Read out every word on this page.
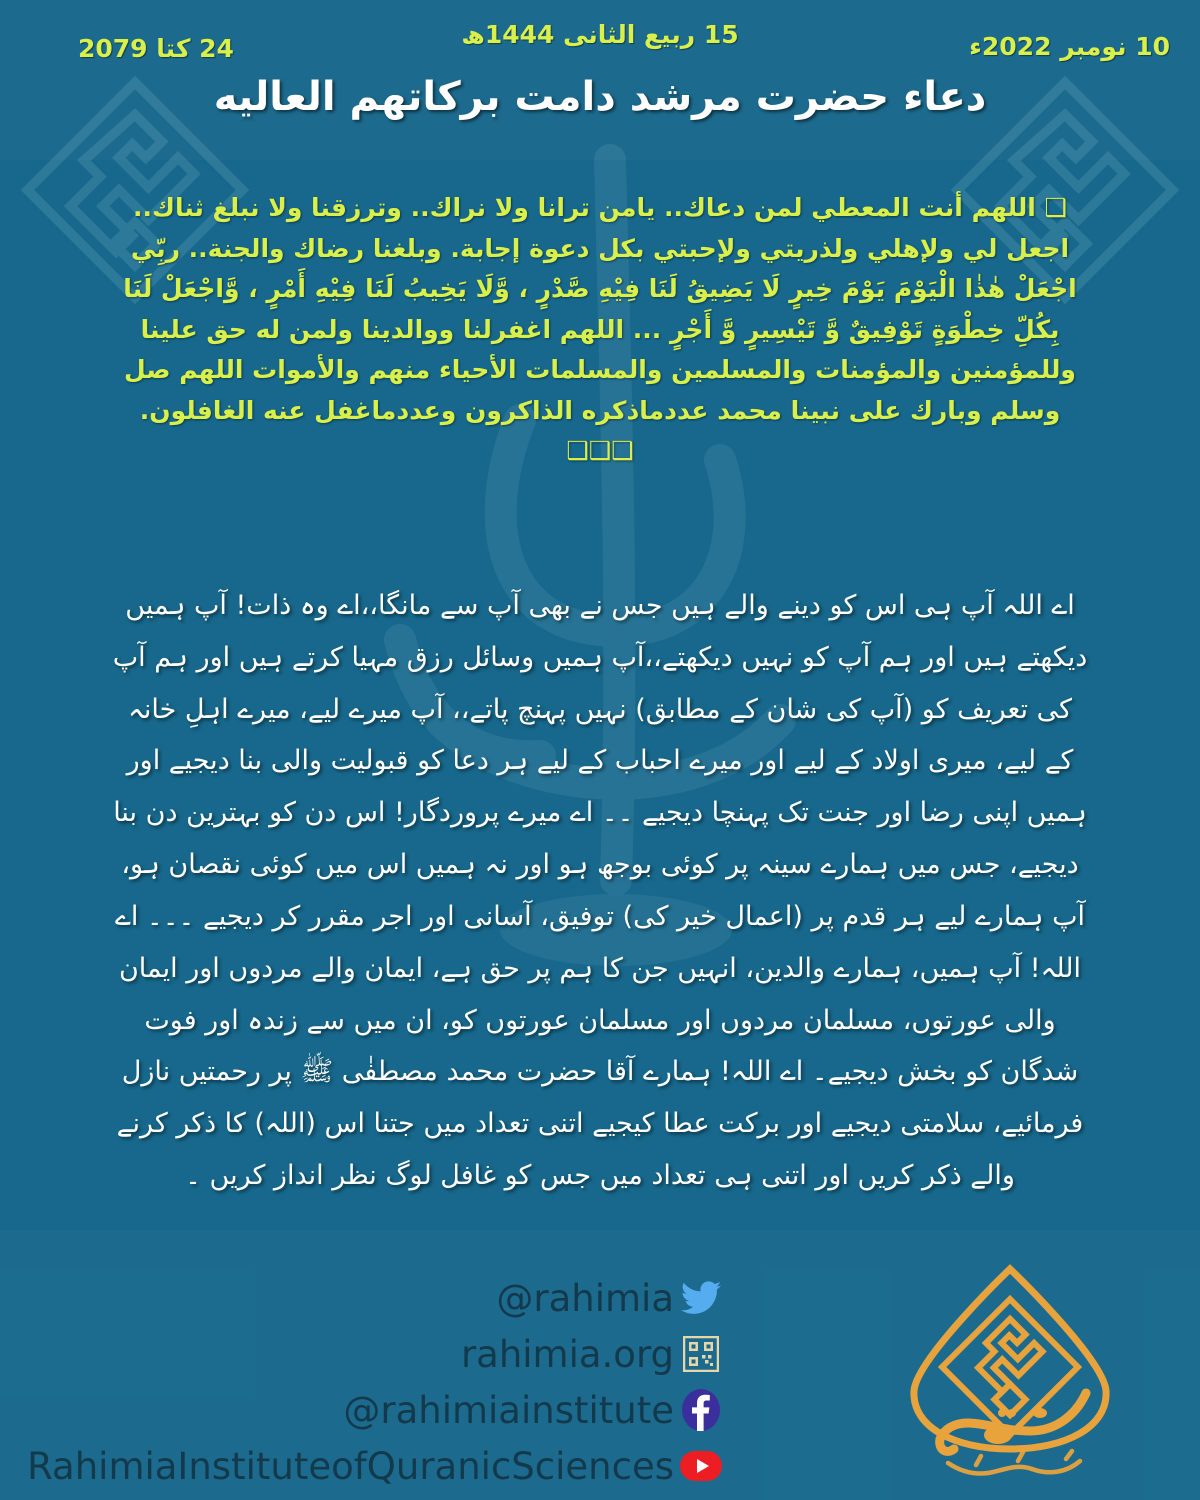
24 کتا 2079	15 ربیع الثانی 1444ھ	10 نومبر 2022ء
دعاء حضرت مرشد دامت بركاتهم العاليه
❑ اللهم أنت المعطي لمن دعاك.. يامن ترانا ولا نراك.. وترزقنا ولا نبلغ ثناك.. اجعل لي ولإهلي ولذريتي ولإحبتي بكل دعوة إجابة. وبلغنا رضاك والجنة.. ربِّي اجْعَلْ هٰذٰا الْيَوْمَ يَوْمَ خِيرٍ لَا يَضِيقُ لَنَا فِيْهِ صَّدْرٍ ، وَّلَا يَخِيبُ لَنَا فِيْهِ أَمْرٍ ، وَّاجْعَلْ لَنَا بِكُلِّ خِطْوَةٍ تَوْفِيقٌ وَّ تَيْسِيرٍ وَّ أَجْرٍ ... اللهم اغفرلنا ووالدينا ولمن له حق علينا وللمؤمنين والمؤمنات والمسلمين والمسلمات الأحياء منهم والأموات اللهم صل وسلم وبارك على نبينا محمد عددماذكره الذاكرون وعددماغفل عنه الغافلون. ❑❑❑
اے اللہ آپ ہی اس کو دینے والے ہیں جس نے بھی آپ سے مانگا،،اے وہ ذات! آپ ہمیں دیکھتے ہیں اور ہم آپ کو نہیں دیکھتے،،آپ ہمیں وسائل رزق مہیا کرتے ہیں اور ہم آپ کی تعریف کو (آپ کی شان کے مطابق) نہیں پہنچ پاتے،، آپ میرے لیے، میرے اہلِ خانہ کے لیے، میری اولاد کے لیے اور میرے احباب کے لیے ہر دعا کو قبولیت والی بنا دیجیے اور ہمیں اپنی رضا اور جنت تک پہنچا دیجیے ۔۔ اے میرے پروردگار! اس دن کو بہترین دن بنا دیجیے، جس میں ہمارے سینہ پر کوئی بوجھ ہو اور نہ ہمیں اس میں کوئی نقصان ہو، آپ ہمارے لیے ہر قدم پر (اعمال خیر کی) توفیق، آسانی اور اجر مقرر کر دیجیے ۔۔۔ اے اللہ! آپ ہمیں، ہمارے والدین، انہیں جن کا ہم پر حق ہے، ایمان والے مردوں اور ایمان والی عورتوں، مسلمان مردوں اور مسلمان عورتوں کو، ان میں سے زندہ اور فوت شدگان کو بخش دیجیے۔ اے اللہ! ہمارے آقا حضرت محمد مصطفٰی ﷺ پر رحمتیں نازل فرمائیے، سلامتی دیجیے اور برکت عطا کیجیے اتنی تعداد میں جتنا اس (اللہ) کا ذکر کرنے والے ذکر کریں اور اتنی ہی تعداد میں جس کو غافل لوگ نظر انداز کریں ۔
@rahimia
rahimia.org
@rahimiainstitute
RahimiaInstituteofQuranicSciences
